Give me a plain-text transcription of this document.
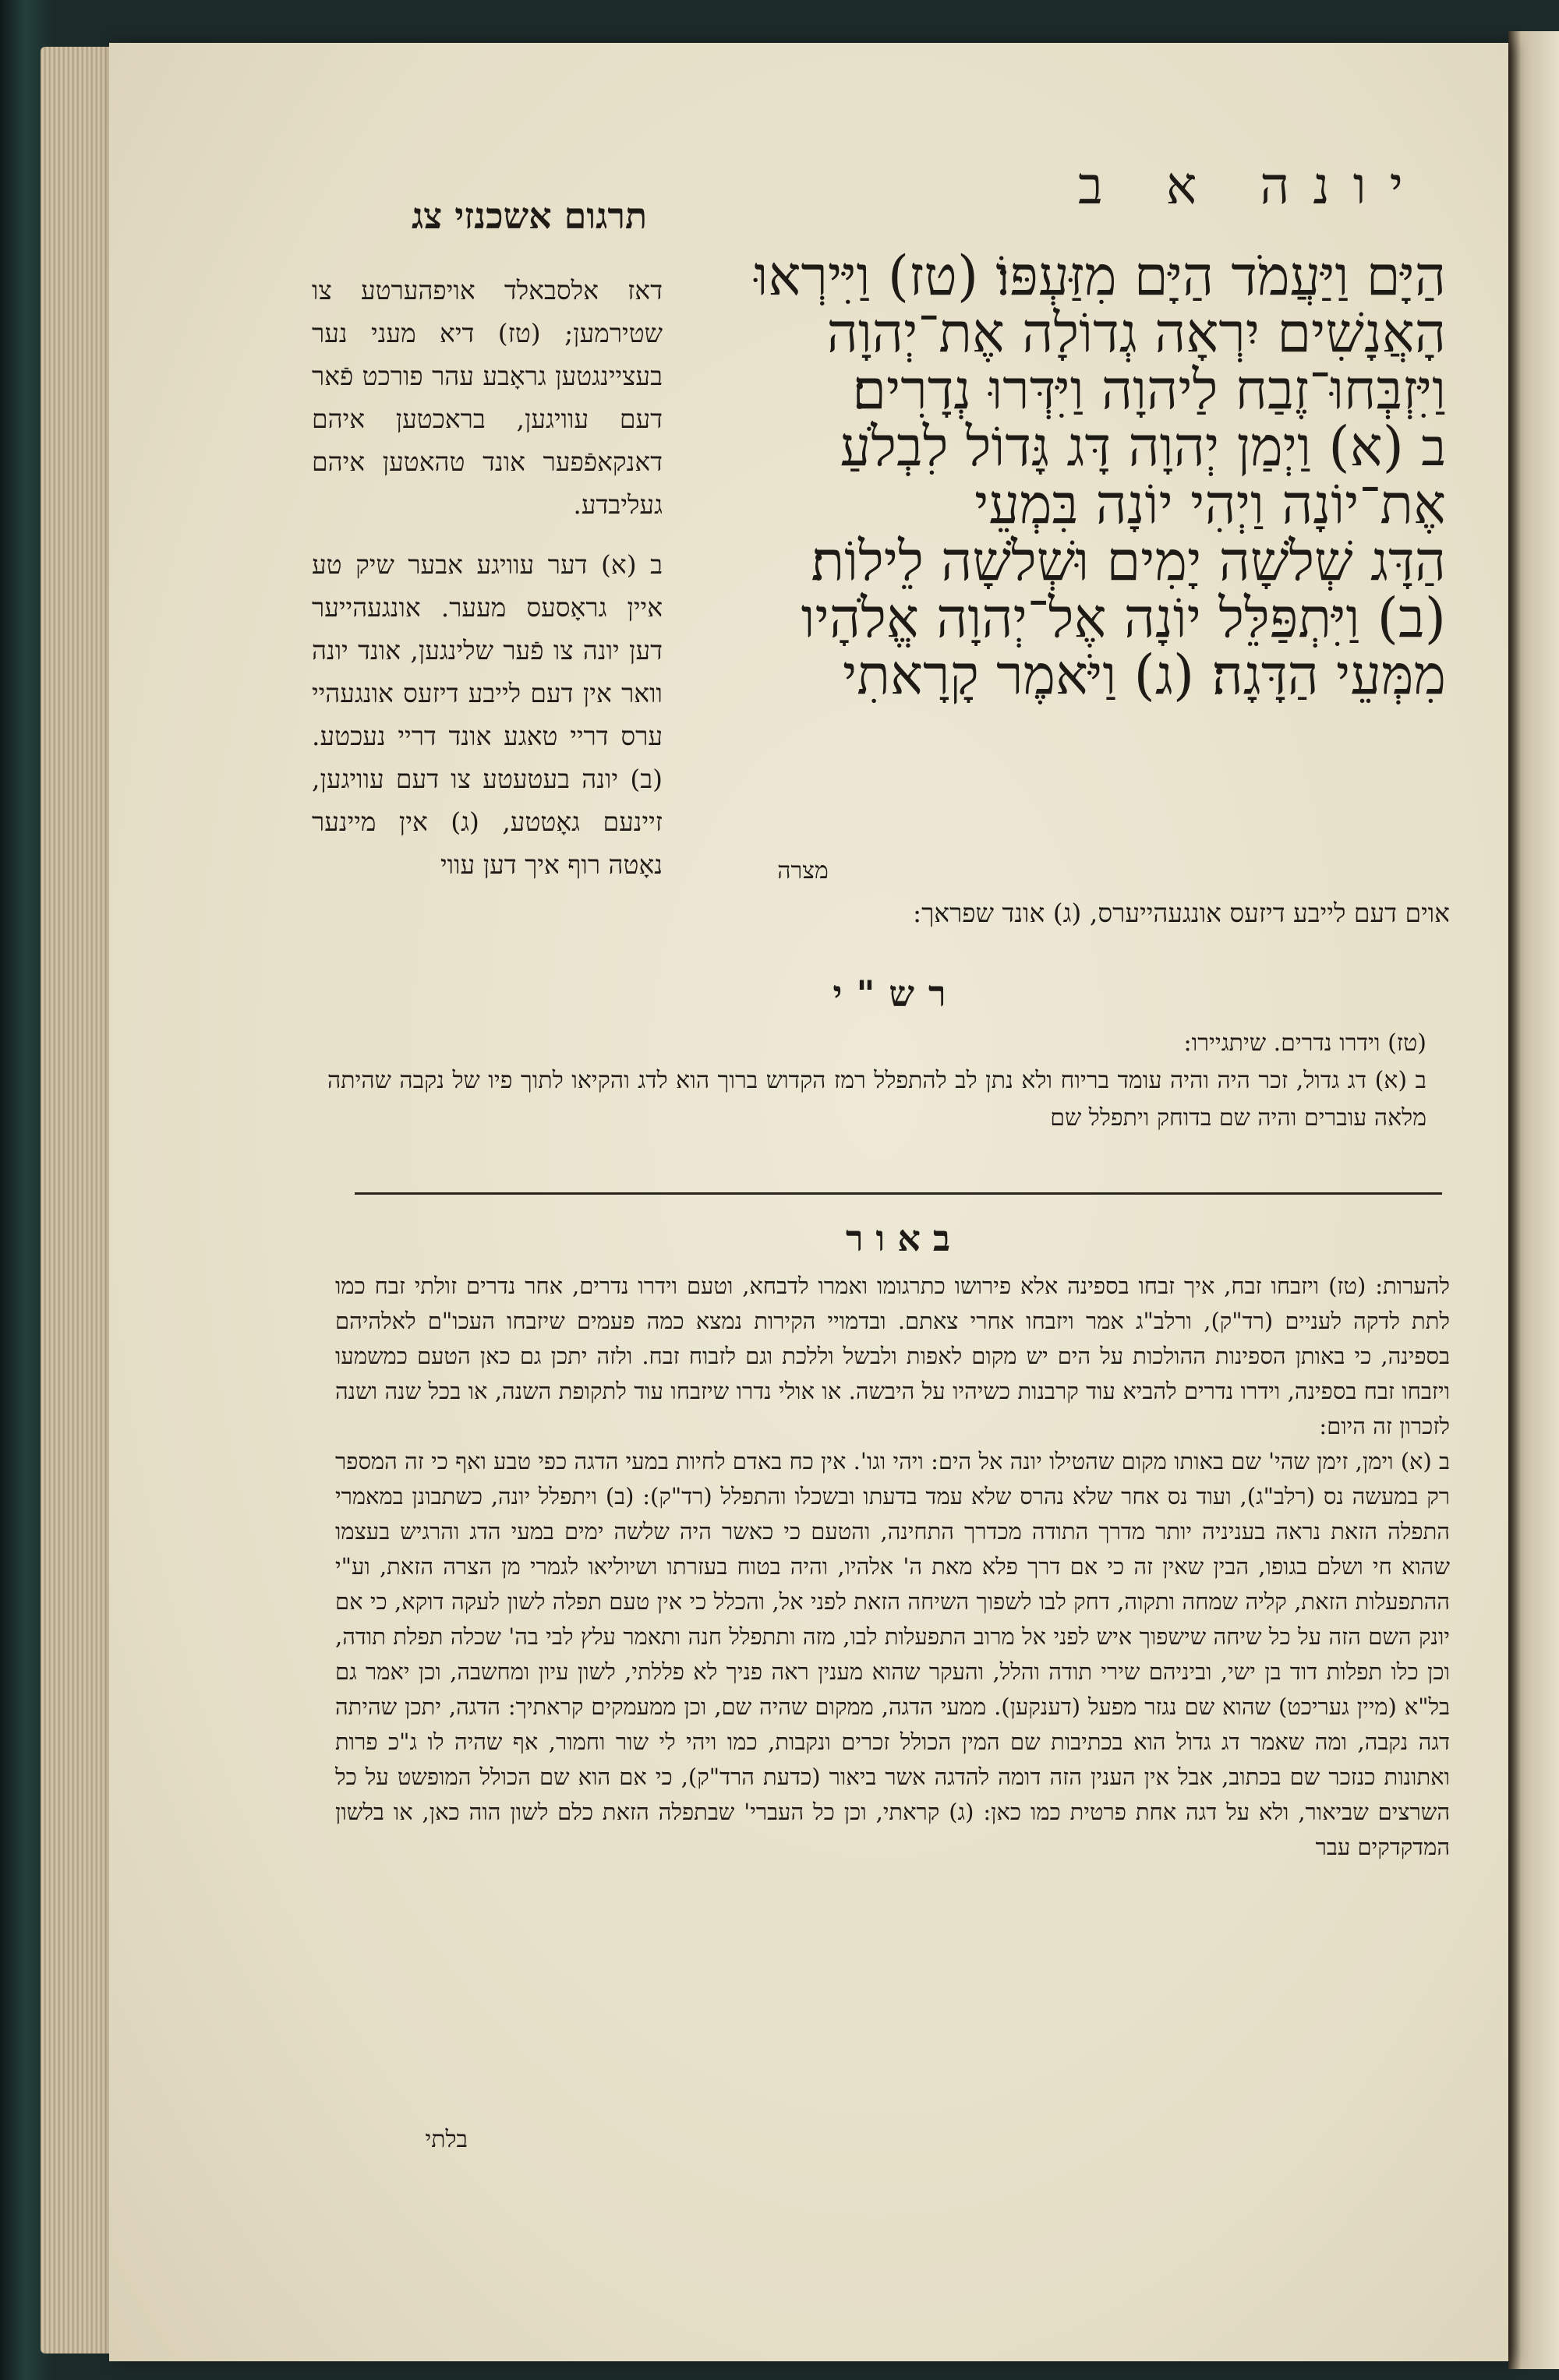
יונה א ב
תרגום אשכנזי צג
הַיָּם וַיַּעֲמֹד הַיָּם מִזַּעְפּוֹ׃ (טז) וַיִּירְאוּ
הָאֲנָשִׁים יִרְאָה גְדוֹלָה אֶת־יְהוָה
וַיִּזְבְּחוּ־זֶבַח לַיהוָה וַיִּדְּרוּ נְדָרִים׃
ב (א) וַיְמַן יְהוָה דָּג גָּדוֹל לִבְלֹעַ
אֶת־יוֹנָה וַיְהִי יוֹנָה בִּמְעֵי
הַדָּג שְׁלֹשָׁה יָמִים וּשְׁלֹשָׁה לֵילוֹת׃
(ב) וַיִּתְפַּלֵּל יוֹנָה אֶל־יְהוָה אֱלֹהָיו
מִמְּעֵי הַדָּגָה׃ (ג) וַיֹּאמֶר קָרָאתִי
מצרה

דאז אלסבאלד אויפהערטע צו שטירמען; (טז) דיא מעני נער בעציינגטען גראָבע עהר פורכט פֿאר דעם עוויגען, בראכטען איהם דאנקאפֿפער אונד טהאטען איהם געליבדע.

ב (א) דער עוויגע אבער שיק טע איין גראָסעס מעער. אונגעהייער דען יונה צו פֿער שלינגען, אונד יונה וואר אין דעם לייבע דיזעס אונגעהיי ערס דריי טאגע אונד דריי נעכטע. (ב) יונה בעטעטע צו דעם עוויגען, זיינעם גאָטטע, (ג) אין מיינער נאָטה רוף איך דען עווי

אוים דעם לייבע דיזעס אונגעהייערס, (ג) אונד שפראך:
רש"י
(טז) וידרו נדרים. שיתגיירו:
ב (א) דג גדול, זכר היה והיה עומד בריוח ולא נתן לב להתפלל רמז הקדוש ברוך הוא לדג והקיאו לתוך פיו של נקבה שהיתה מלאה עוברים והיה שם בדוחק ויתפלל שם
באור

להערות: (טז) ויזבחו זבח, איך זבחו בספינה אלא פירושו כתרגומו ואמרו לדבחא, וטעם וידרו נדרים, אחר נדרים זולתי זבח כמו לתת לדקה לעניים (רד"ק), ורלב"ג אמר ויזבחו אחרי צאתם. ובדמויי הקירות נמצא כמה פעמים שיזבחו העכו"ם לאלהיהם בספינה, כי באותן הספינות ההולכות על הים יש מקום לאפות ולבשל וללכת וגם לזבוח זבח. ולזה יתכן גם כאן הטעם כמשמעו ויזבחו זבח בספינה, וידרו נדרים להביא עוד קרבנות כשיהיו על היבשה. או אולי נדרו שיזבחו עוד לתקופת השנה, או בכל שנה ושנה לזכרון זה היום:

ב (א) וימן, זימן שהי' שם באותו מקום שהטילו יונה אל הים: ויהי וגו'. אין כח באדם לחיות במעי הדגה כפי טבע ואף כי זה המספר רק במעשה נס (רלב"ג), ועוד נס אחר שלא נהרס שלא עמד בדעתו ובשכלו והתפלל (רד"ק): (ב) ויתפלל יונה, כשתבונן במאמרי התפלה הזאת נראה בעניניה יותר מדרך התודה מכדרך התחינה, והטעם כי כאשר היה שלשה ימים במעי הדג והרגיש בעצמו שהוא חי ושלם בגופו, הבין שאין זה כי אם דרך פלא מאת ה' אלהיו, והיה בטוח בעזרתו ושיוליאו לגמרי מן הצרה הזאת, וע"י ההתפעלות הזאת, קליה שמחה ותקוה, דחק לבו לשפוך השיחה הזאת לפני אל, והכלל כי אין טעם תפלה לשון לעקה דוקא, כי אם יונק השם הזה על כל שיחה שישפוך איש לפני אל מרוב התפעלות לבו, מזה ותתפלל חנה ותאמר עלץ לבי בה' שכלה תפלת תודה, וכן כלו תפלות דוד בן ישי, וביניהם שירי תודה והלל, והעקר שהוא מענין ראה פניך לא פללתי, לשון עיון ומחשבה, וכן יאמר גם בל"א (מיין געריכט) שהוא שם נגזר מפעל (דענקען). ממעי הדגה, ממקום שהיה שם, וכן ממעמקים קראתיך: הדגה, יתכן שהיתה דגה נקבה, ומה שאמר דג גדול הוא בכתיבות שם המין הכולל זכרים ונקבות, כמו ויהי לי שור וחמור, אף שהיה לו ג"כ פרות ואתונות כנזכר שם בכתוב, אבל אין הענין הזה דומה להדגה אשר ביאור (כדעת הרד"ק), כי אם הוא שם הכולל המופשט על כל השרצים שביאור, ולא על דגה אחת פרטית כמו כאן: (ג) קראתי, וכן כל העברי' שבתפלה הזאת כלם לשון הוה כאן, או בלשון המדקדקים עבר

בלתי
